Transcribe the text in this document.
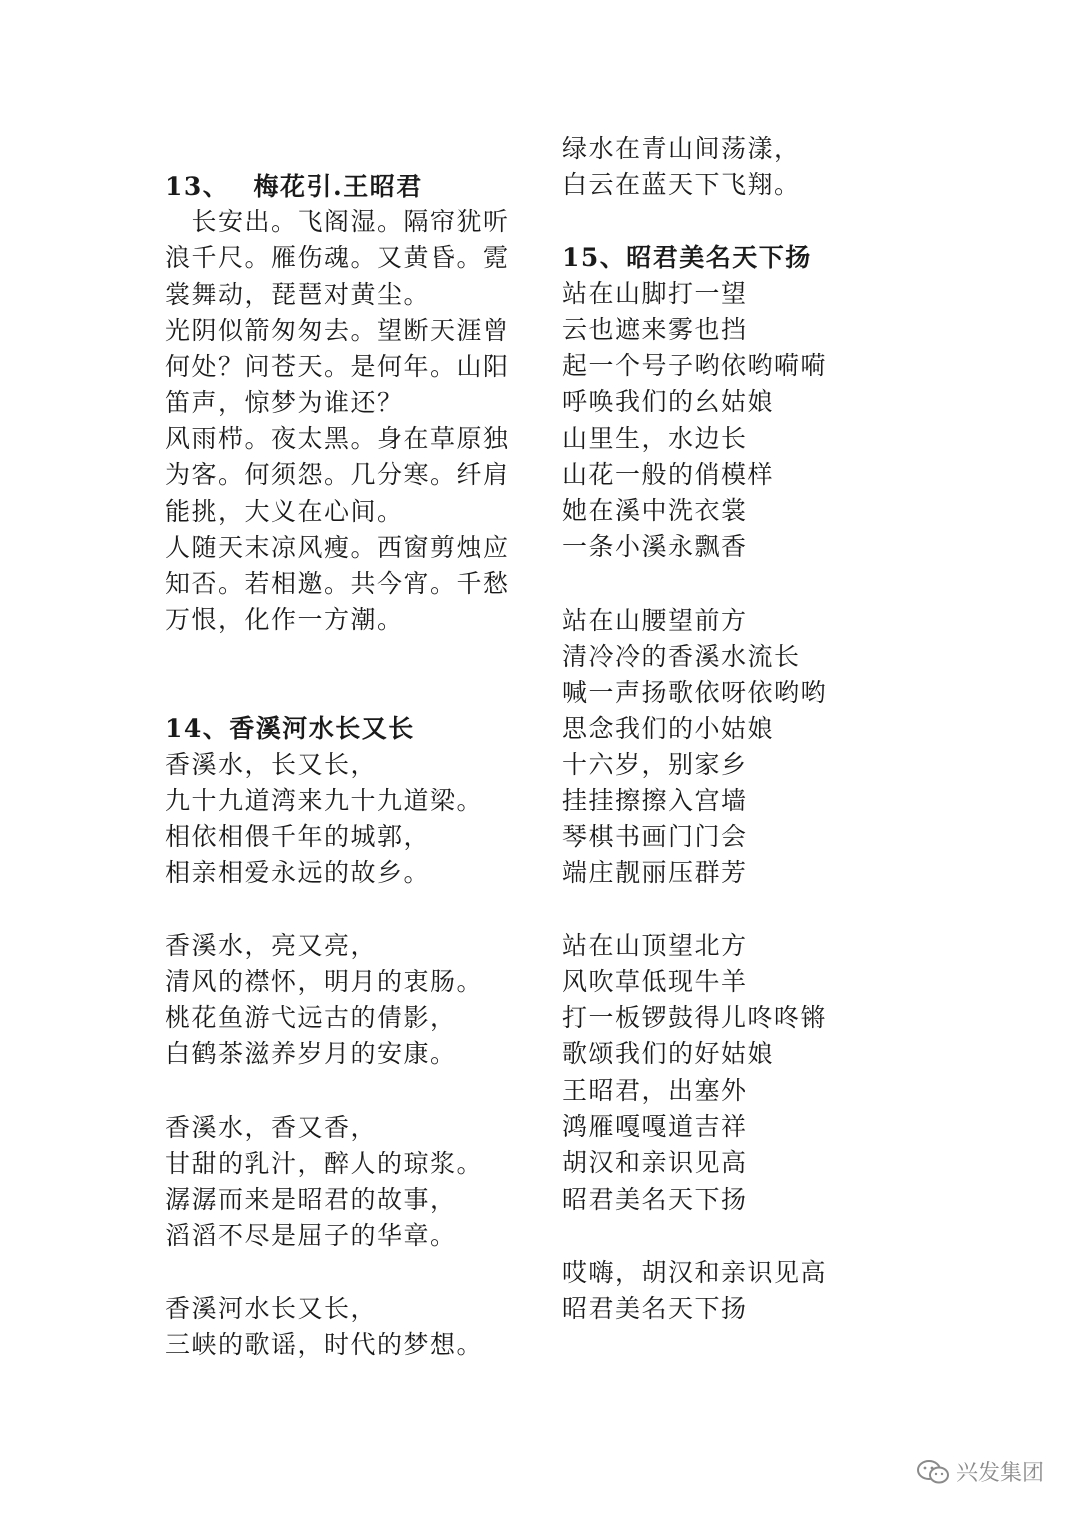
13、　 梅花引.王昭君
　长安出。飞阁湿。隔帘犹听
浪千尺。雁伤魂。又黄昏。霓
裳舞动，琵琶对黄尘。
光阴似箭匆匆去。望断天涯曾
何处？问苍天。是何年。山阳
笛声，惊梦为谁还？
风雨栉。夜太黑。身在草原独
为客。何须怨。几分寒。纤肩
能挑，大义在心间。
人随天末凉风瘦。西窗剪烛应
知否。若相邀。共今宵。千愁
万恨，化作一方潮。
14、香溪河水长又长
香溪水，长又长，
九十九道湾来九十九道梁。
相依相偎千年的城郭，
相亲相爱永远的故乡。
香溪水，亮又亮，
清风的襟怀，明月的衷肠。
桃花鱼游弋远古的倩影，
白鹤茶滋养岁月的安康。
香溪水，香又香，
甘甜的乳汁，醉人的琼浆。
潺潺而来是昭君的故事，
滔滔不尽是屈子的华章。
香溪河水长又长，
三峡的歌谣，时代的梦想。
绿水在青山间荡漾，
白云在蓝天下飞翔。
15、昭君美名天下扬
站在山脚打一望
云也遮来雾也挡
起一个号子哟依哟嗬嗬
呼唤我们的幺姑娘
山里生，水边长
山花一般的俏模样
她在溪中洗衣裳
一条小溪永飘香
站在山腰望前方
清冷冷的香溪水流长
喊一声扬歌依呀依哟哟
思念我们的小姑娘
十六岁，别家乡
挂挂擦擦入宫墙
琴棋书画门门会
端庄靓丽压群芳
站在山顶望北方
风吹草低现牛羊
打一板锣鼓得儿咚咚锵
歌颂我们的好姑娘
王昭君，出塞外
鸿雁嘎嘎道吉祥
胡汉和亲识见高
昭君美名天下扬
哎嗨，胡汉和亲识见高
昭君美名天下扬
兴发集团
